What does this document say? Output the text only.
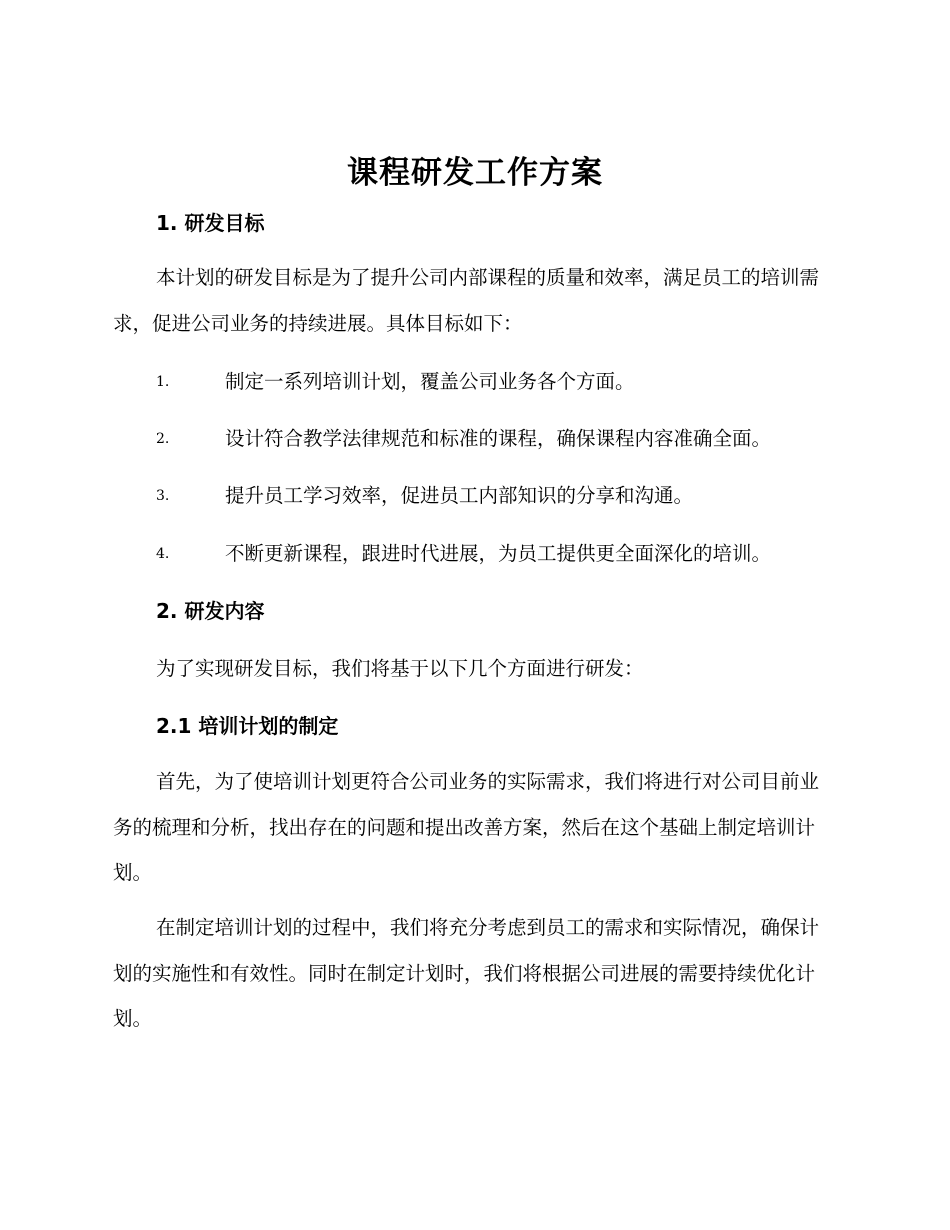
课程研发工作方案
1. 研发目标
本计划的研发目标是为了提升公司内部课程的质量和效率，满足员工的培训需求，促进公司业务的持续进展。具体目标如下：
1.	制定一系列培训计划，覆盖公司业务各个方面。
2.	设计符合教学法律规范和标准的课程，确保课程内容准确全面。
3.	提升员工学习效率，促进员工内部知识的分享和沟通。
4.	不断更新课程，跟进时代进展，为员工提供更全面深化的培训。
2. 研发内容
为了实现研发目标，我们将基于以下几个方面进行研发：
2.1 培训计划的制定
首先，为了使培训计划更符合公司业务的实际需求，我们将进行对公司目前业务的梳理和分析，找出存在的问题和提出改善方案，然后在这个基础上制定培训计划。
在制定培训计划的过程中，我们将充分考虑到员工的需求和实际情况，确保计划的实施性和有效性。同时在制定计划时，我们将根据公司进展的需要持续优化计划。
